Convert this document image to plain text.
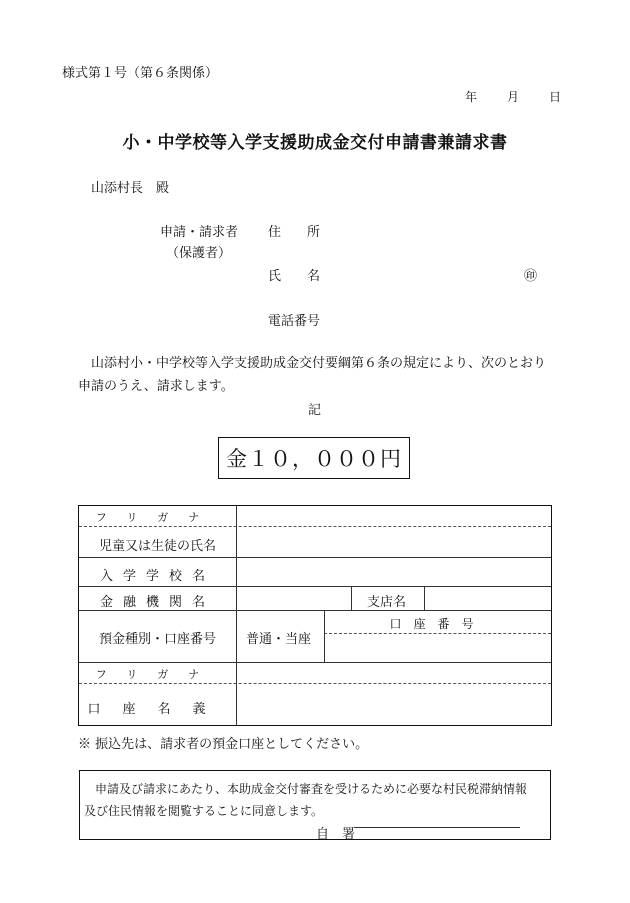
様式第１号（第６条関係）
年 月 日
小・中学校等入学支援助成金交付申請書兼請求書
山添村長　殿
申請・請求者
（保護者）
住　　所
氏　　名	㊞
電話番号
山添村小・中学校等入学支援助成金交付要綱第６条の規定により、次のとおり
申請のうえ、請求します。
記
金１０，０００円
フリガナ
児童又は生徒の氏名
入学学校名
金融機関名	支店名
預金種別・口座番号	普通・当座
口座番号
フリガナ
口座名義
※ 振込先は、請求者の預金口座としてください。
申請及び請求にあたり、本助成金交付審査を受けるために必要な村民税滞納情報
及び住民情報を閲覧することに同意します。
自　署
